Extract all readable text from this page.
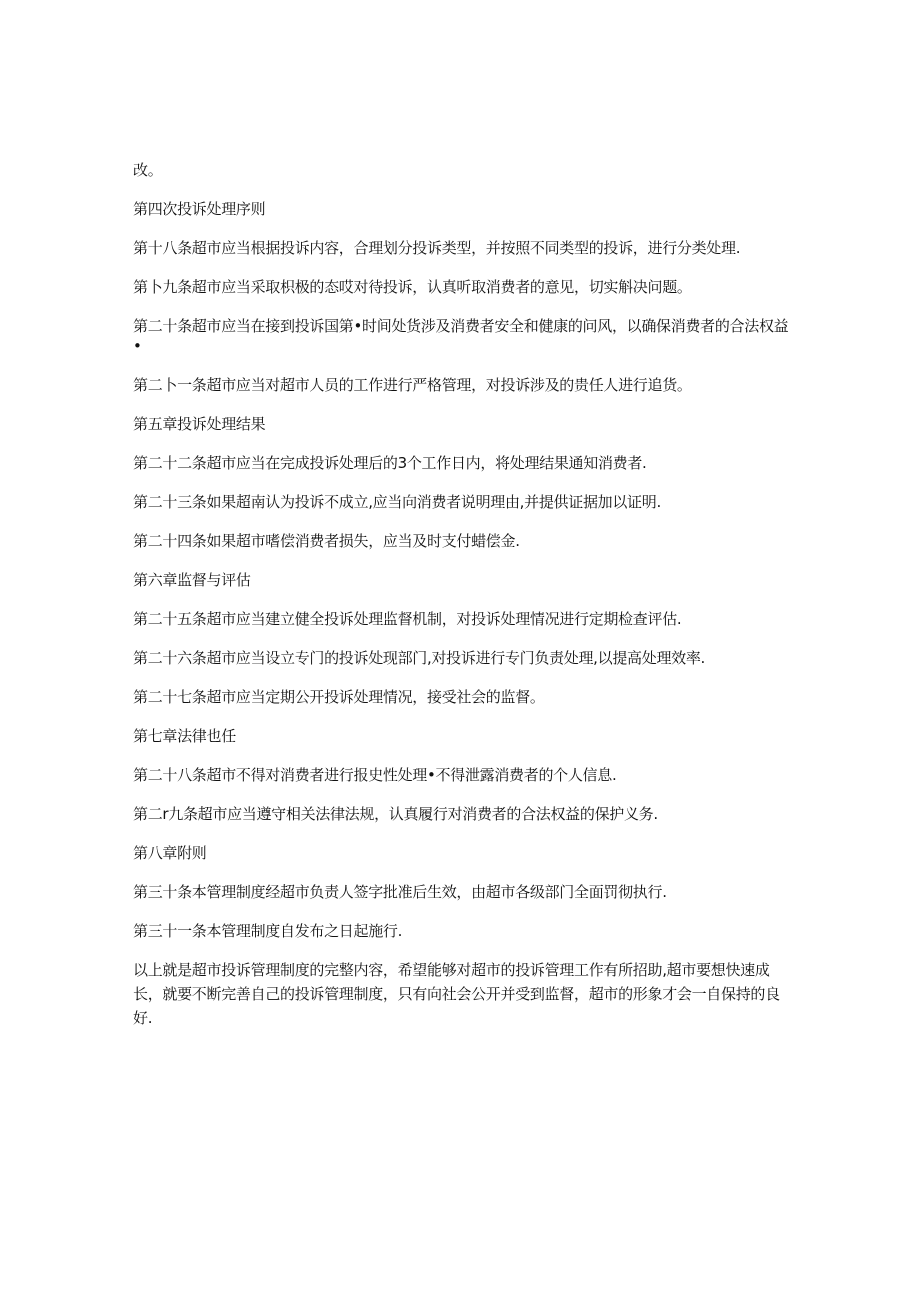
改。

第四次投诉处理序则

第十八条超市应当根据投诉内容，合理划分投诉类型，并按照不同类型的投诉，进行分类处理.

第卜九条超市应当采取枳极的态哎对待投诉，认真听取消费者的意见，切实斛决问题。

第二十条超市应当在接到投诉国第•时间处货涉及消费者安全和健康的问风，以确保消费者的合法权益•

第二卜一条超市应当对超市人员的工作进行严格管理，对投诉涉及的贵任人进行追货。

第五章投诉处理结果

第二十二条超市应当在完成投诉处理后的3个工作日内，将处理结果通知消费者.

第二十三条如果超南认为投诉不成立,应当向消费者说明理由,并提供证据加以证明.

第二十四条如果超市嗜偿消费者损失，应当及时支付蜡偿金.

第六章监督与评估

第二十五条超市应当建立健全投诉处理监督机制，对投诉处理情况进行定期检查评估.

第二十六条超市应当设立专门的投诉处现部门,对投诉进行专门负责处理,以提高处理效率.

第二十七条超市应当定期公开投诉处理情况，接受社会的监督。

第七章法律也任

第二十八条超市不得对消费者进行报史性处理•不得泄露消费者的个人信息.

第二r九条超市应当遵守相关法律法规，认真履行对消费者的合法权益的保护义务.

第八章附则

第三十条本管理制度经超市负责人签字批准后生效，由超市各级部门全面罚彻执行.

第三十一条本管理制度自发布之日起施行.

以上就是超市投诉管理制度的完整内容，希望能够对超市的投诉管理工作有所招助,超市要想快速成长，就要不断完善自己的投诉管理制度，只有向社会公开并受到监督，超市的形象才会一自保持的良好.
